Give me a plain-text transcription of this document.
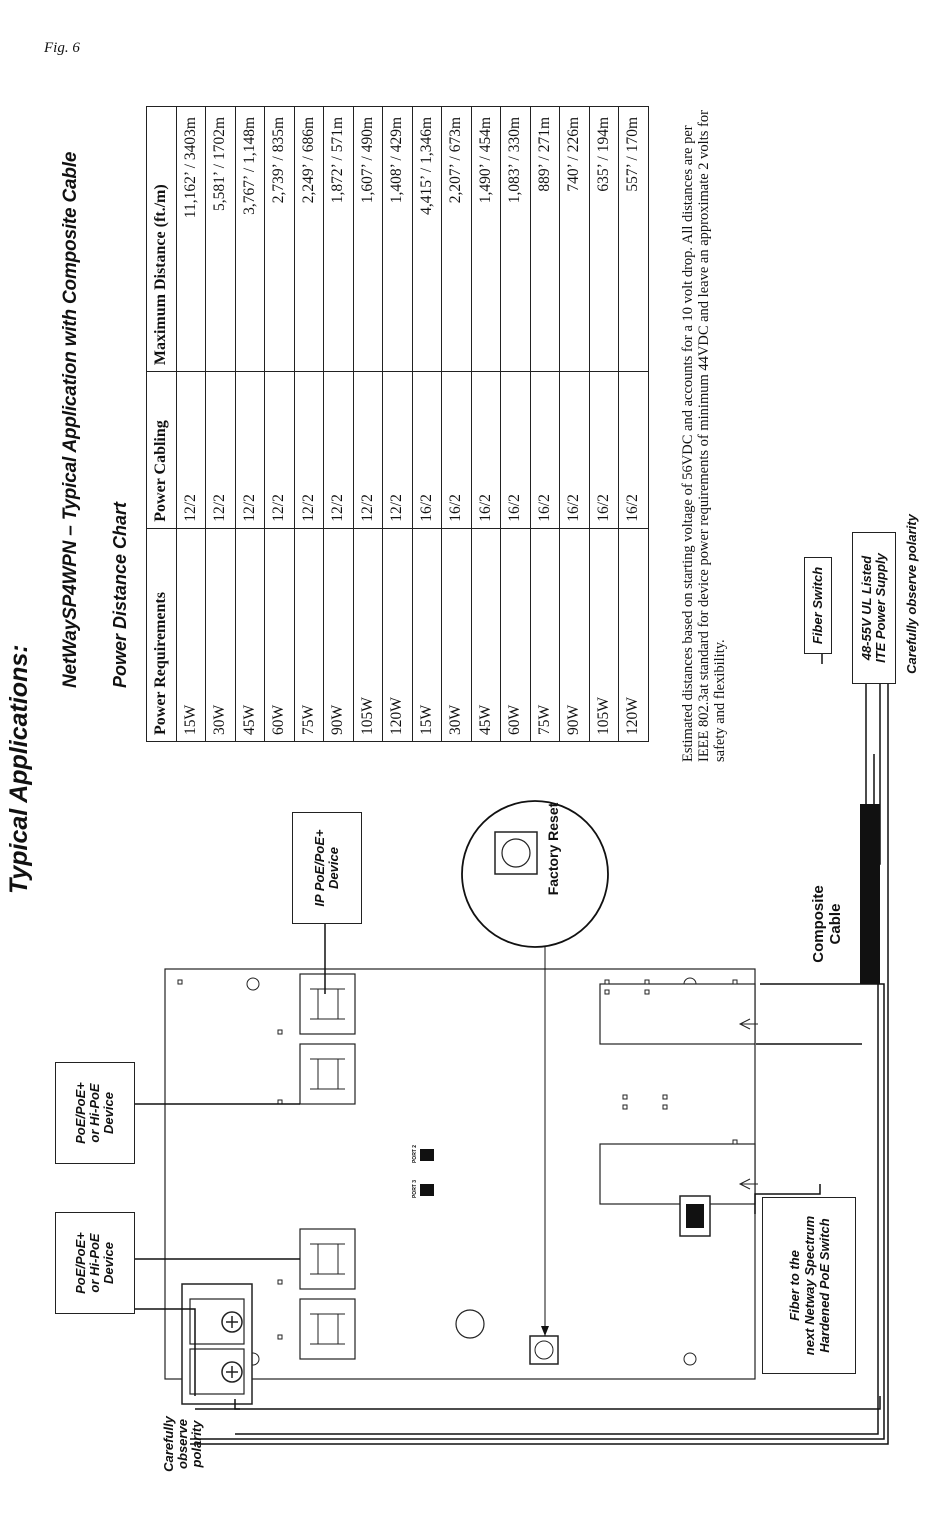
Fig. 6
PoE/PoE+ or Hi-PoE Device
PoE/PoE+ or Hi-PoE Device
IP PoE/PoE+ Device	Factory Reset
Composite Cable
Fiber Switch	48-55V UL Listed ITE Power Supply Carefully observe polarity
Fiber to the next Netway Spectrum Hardened PoE Switch
Carefully observe polarity
PORT 2
PORT 3
Typical Applications:
NetWaySP4WPN – Typical Application with Composite Cable Power Distance Chart Power Requirements	Power Cabling	Maximum Distance (ft./m)
15W	12/2	11,162’ / 3403m
30W	12/2	5,581’ / 1702m
45W	12/2	3,767’ / 1,148m
60W	12/2	2,739’ / 835m
75W	12/2	2,249’ / 686m
90W	12/2	1,872’ / 571m
105W	12/2	1,607’ / 490m
120W	12/2	1,408’ / 429m
15W	16/2	4,415’ / 1,346m
30W	16/2	2,207’ / 673m
45W	16/2	1,490’ / 454m
60W	16/2	1,083’ / 330m
75W	16/2	889’ / 271m
90W	16/2	740’ / 226m
105W	16/2	635’ / 194m
120W	16/2	557’ / 170m	Estimated distances based on starting voltage of 56VDC and accounts for a 10 volt drop. All distances are per IEEE 802.3at standard for device power requirements of minimum 44VDC and leave an approximate 2 volts for safety and flexibility.
